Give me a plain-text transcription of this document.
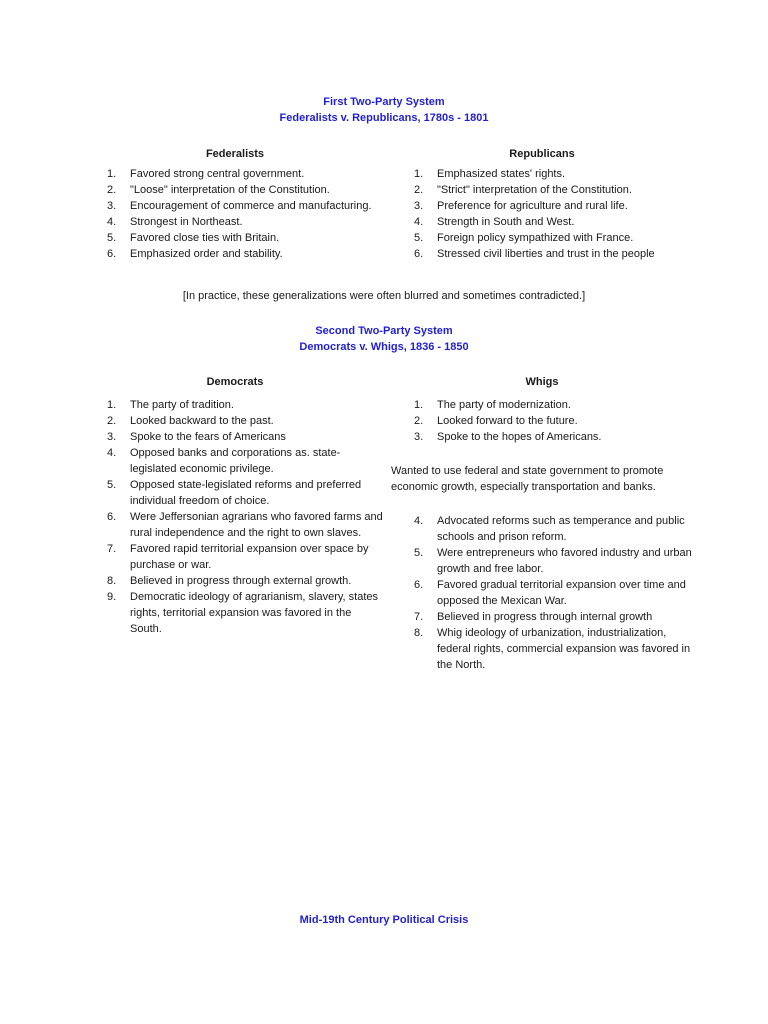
First Two-Party System
Federalists v. Republicans, 1780s - 1801
Federalists	Republicans
1. Favored strong central government.
2. "Loose" interpretation of the Constitution.
3. Encouragement of commerce and manufacturing.
4. Strongest in Northeast.
5. Favored close ties with Britain.
6. Emphasized order and stability.
1. Emphasized states' rights.
2. "Strict" interpretation of the Constitution.
3. Preference for agriculture and rural life.
4. Strength in South and West.
5. Foreign policy sympathized with France.
6. Stressed civil liberties and trust in the people
[In practice, these generalizations were often blurred and sometimes contradicted.]
Second Two-Party System
Democrats v. Whigs, 1836 - 1850
Democrats	Whigs
1. The party of tradition.
2. Looked backward to the past.
3. Spoke to the fears of Americans
4. Opposed banks and corporations as. state-legislated economic privilege.
5. Opposed state-legislated reforms and preferred individual freedom of choice.
6. Were Jeffersonian agrarians who favored farms and rural independence and the right to own slaves.
7. Favored rapid territorial expansion over space by purchase or war.
8. Believed in progress through external growth.
9. Democratic ideology of agrarianism, slavery, states rights, territorial expansion was favored in the South.
1. The party of modernization.
2. Looked forward to the future.
3. Spoke to the hopes of Americans.
Wanted to use federal and state government to promote economic growth, especially transportation and banks.
4. Advocated reforms such as temperance and public schools and prison reform.
5. Were entrepreneurs who favored industry and urban growth and free labor.
6. Favored gradual territorial expansion over time and opposed the Mexican War.
7. Believed in progress through internal growth
8. Whig ideology of urbanization, industrialization, federal rights, commercial expansion was favored in the North.
Mid-19th Century Political Crisis
